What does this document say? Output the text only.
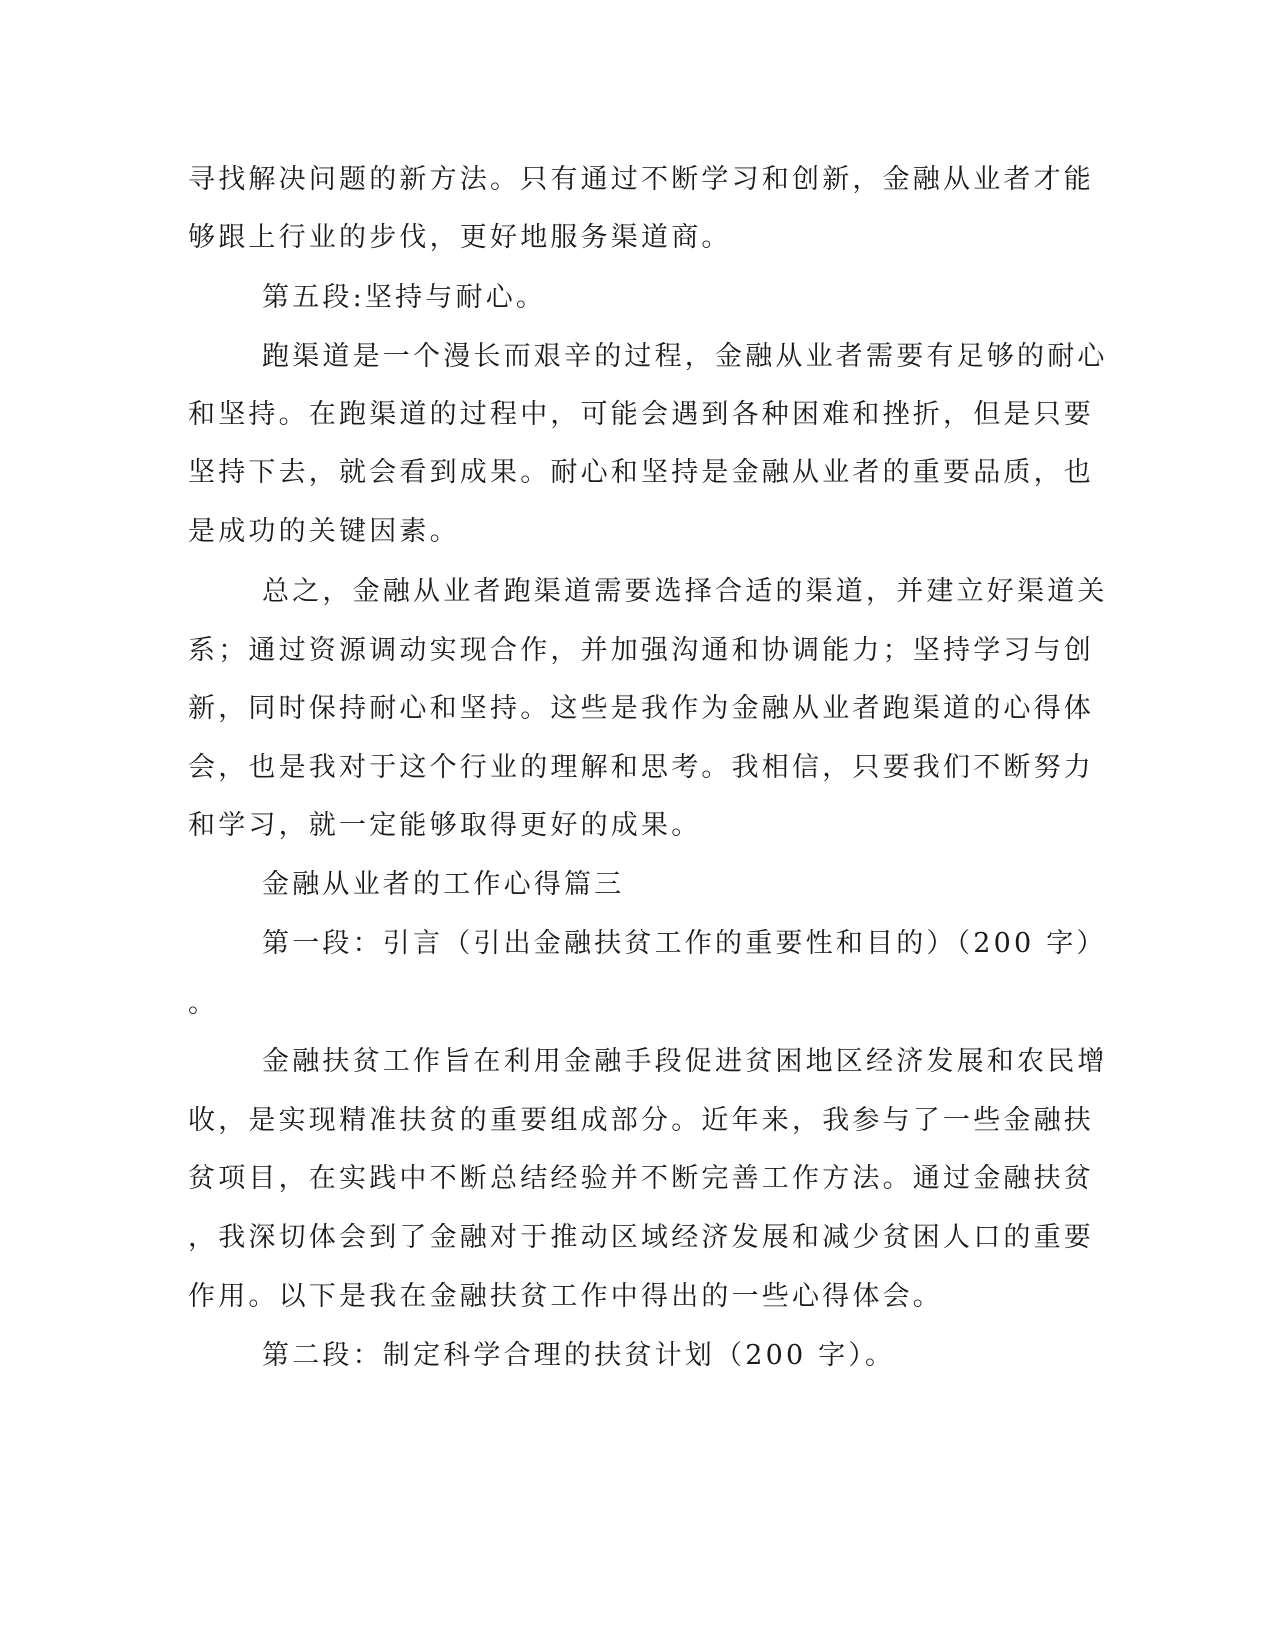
寻找解决问题的新方法。只有通过不断学习和创新，金融从业者才能
够跟上行业的步伐，更好地服务渠道商。
第五段:坚持与耐心。
跑渠道是一个漫长而艰辛的过程，金融从业者需要有足够的耐心
和坚持。在跑渠道的过程中，可能会遇到各种困难和挫折，但是只要
坚持下去，就会看到成果。耐心和坚持是金融从业者的重要品质，也
是成功的关键因素。
总之，金融从业者跑渠道需要选择合适的渠道，并建立好渠道关
系；通过资源调动实现合作，并加强沟通和协调能力；坚持学习与创
新，同时保持耐心和坚持。这些是我作为金融从业者跑渠道的心得体
会，也是我对于这个行业的理解和思考。我相信，只要我们不断努力
和学习，就一定能够取得更好的成果。
金融从业者的工作心得篇三
第一段：引言（引出金融扶贫工作的重要性和目的）（200 字）
。
金融扶贫工作旨在利用金融手段促进贫困地区经济发展和农民增
收，是实现精准扶贫的重要组成部分。近年来，我参与了一些金融扶
贫项目，在实践中不断总结经验并不断完善工作方法。通过金融扶贫
，我深切体会到了金融对于推动区域经济发展和减少贫困人口的重要
作用。以下是我在金融扶贫工作中得出的一些心得体会。
第二段：制定科学合理的扶贫计划（200 字）。
